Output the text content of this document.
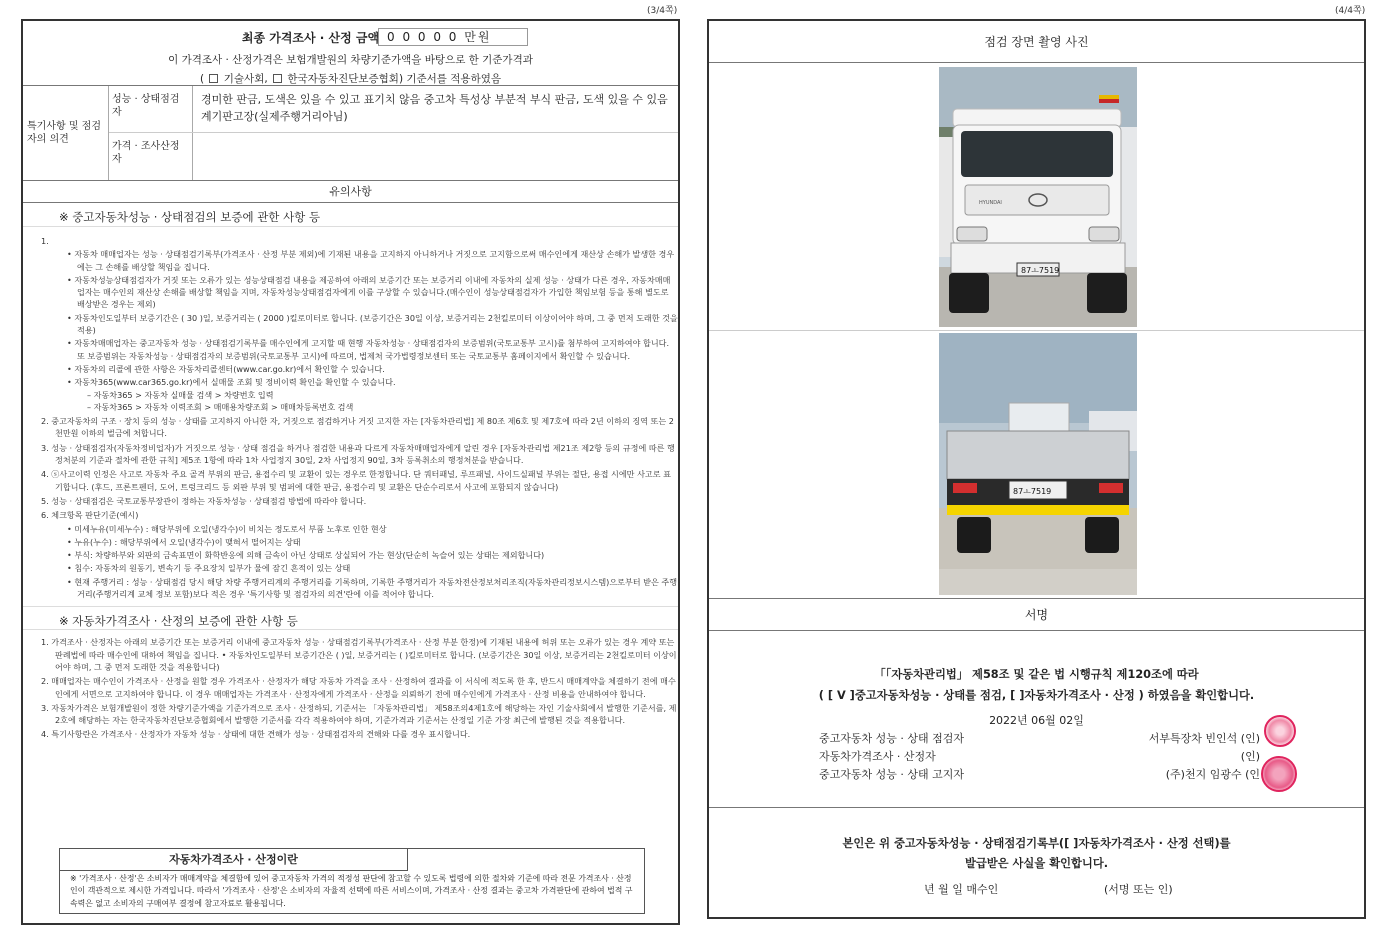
(3/4쪽)
최종 가격조사 · 산정 금액 0 0 0 0 0 만원
이 가격조사 · 산정가격은 보험개발원의 차량기준가액을 바탕으로 한 기준가격과
( 기술사회, 한국자동차진단보증협회) 기준서를 적용하였음
특기사항 및 점검자의 의견
성능 · 상태점검자
경미한 판금, 도색은 있을 수 있고 표기치 않음 중고차 특성상 부분적 부식 판금, 도색 있을 수 있음 계기판고장(실제주행거리아님)
가격 · 조사산정자
유의사항
※ 중고자동차성능 · 상태점검의 보증에 관한 사항 등
1.
• 자동차 매매업자는 성능 · 상태점검기록부(가격조사 · 산정 부분 제외)에 기재된 내용을 고지하지 아니하거나 거짓으로 고지함으로써 매수인에게 재산상 손해가 발생한 경우에는 그 손해를 배상할 책임을 집니다.
• 자동차성능상태점검자가 거짓 또는 오류가 있는 성능상태점검 내용을 제공하여 아래의 보증기간 또는 보증거리 이내에 자동차의 실제 성능 · 상태가 다른 경우, 자동차매매업자는 매수인의 재산상 손해를 배상할 책임을 지며, 자동차성능상태점검자에게 이를 구상할 수 있습니다.(매수인이 성능상태점검자가 가입한 책임보험 등을 통해 별도로 배상받은 경우는 제외)
• 자동차인도일부터 보증기간은 ( 30 )일, 보증거리는 ( 2000 )킬로미터로 합니다. (보증기간은 30일 이상, 보증거리는 2천킬로미터 이상이어야 하며, 그 중 먼저 도래한 것을 적용)
• 자동차매매업자는 중고자동차 성능 · 상태점검기록부를 매수인에게 고지할 때 현행 자동차성능 · 상태점검자의 보증범위(국토교통부 고시)를 첨부하여 고지하여야 합니다. 또 보증범위는 자동차성능 · 상태점검자의 보증범위(국토교통부 고시)에 따르며, 법제처 국가법령정보센터 또는 국토교통부 홈페이지에서 확인할 수 있습니다.
• 자동차의 리콜에 관한 사항은 자동차리콜센터(www.car.go.kr)에서 확인할 수 있습니다.
• 자동차365(www.car365.go.kr)에서 실매물 조회 및 정비이력 확인을 확인할 수 있습니다.
– 자동차365 > 자동차 실매물 검색 > 차량번호 입력
– 자동차365 > 자동차 이력조회 > 매매용차량조회 > 매매차등록번호 검색
2. 중고자동차의 구조 · 장치 등의 성능 · 상태를 고지하지 아니한 자, 거짓으로 점검하거나 거짓 고지한 자는 [자동차관리법] 제 80조 제6호 및 제7호에 따라 2년 이하의 징역 또는 2천만원 이하의 벌금에 처합니다.
3. 성능 · 상태점검자(자동차정비업자)가 거짓으로 성능 · 상태 점검을 하거나 점검한 내용과 다르게 자동차매매업자에게 알린 경우 [자동차관리법 제21조 제2항 등의 규정에 따른 행정처분의 기준과 절차에 관한 규칙] 제5조 1항에 따라 1차 사업정지 30일, 2차 사업정지 90일, 3차 등록취소의 행정처분을 받습니다.
4. ⓢ사고이력 인정은 사고로 자동차 주요 골격 부위의 판금, 용접수리 및 교환이 있는 경우로 한정합니다. 단 쿼터패널, 루프패널, 사이드실패널 부위는 절단, 용접 시에만 사고로 표기합니다. (후드, 프론트펜더, 도어, 트렁크리드 등 외판 부위 및 범퍼에 대한 판금, 용접수리 및 교환은 단순수리로서 사고에 포함되지 않습니다)
5. 성능 · 상태점검은 국토교통부장관이 정하는 자동차성능 · 상태점검 방법에 따라야 합니다.
6. 체크항목 판단기준(예시)
• 미세누유(미세누수) : 해당부위에 오일(냉각수)이 비치는 정도로서 부품 노후로 인한 현상
• 누유(누수) : 해당부위에서 오일(냉각수)이 맺혀서 떨어지는 상태
• 부식: 차량하부와 외판의 금속표면이 화학반응에 의해 금속이 아닌 상태로 상실되어 가는 현상(단순히 녹슬어 있는 상태는 제외합니다)
• 침수: 자동차의 원동기, 변속기 등 주요장치 일부가 물에 잠긴 흔적이 있는 상태
• 현재 주행거리 : 성능 · 상태점검 당시 해당 차량 주행거리계의 주행거리를 기록하며, 기록한 주행거리가 자동차전산정보처리조직(자동차관리정보시스템)으로부터 받은 주행거리(주행거리계 교체 정보 포함)보다 적은 경우 '특기사항 및 점검자의 의견'란에 이를 적어야 합니다.
※ 자동차가격조사 · 산정의 보증에 관한 사항 등
1. 가격조사 · 산정자는 아래의 보증기간 또는 보증거리 이내에 중고자동차 성능 · 상태점검기록부(가격조사 · 산정 부분 한정)에 기재된 내용에 허위 또는 오류가 있는 경우 계약 또는 판례법에 따라 매수인에 대하여 책임을 집니다. • 자동차인도일부터 보증기간은 ( )일, 보증거리는 ( )킬로미터로 합니다. (보증기간은 30일 이상, 보증거리는 2천킬로미터 이상이어야 하며, 그 중 먼저 도래한 것을 적용합니다)
2. 매매업자는 매수인이 가격조사 · 산정을 원할 경우 가격조사 · 산정자가 해당 자동차 가격을 조사 · 산정하여 결과를 이 서식에 적도록 한 후, 반드시 매매계약을 체결하기 전에 매수인에게 서면으로 고지하여야 합니다. 이 경우 매매업자는 가격조사 · 산정자에게 가격조사 · 산정을 의뢰하기 전에 매수인에게 가격조사 · 산정 비용을 안내하여야 합니다.
3. 자동차가격은 보험개발원이 정한 차량기준가액을 기준가격으로 조사 · 산정하되, 기준서는 「자동차관리법」 제58조의4제1호에 해당하는 자인 기술사회에서 발행한 기준서를, 제2호에 해당하는 자는 한국자동차진단보증협회에서 발행한 기준서를 각각 적용하여야 하며, 기준가격과 기준서는 산정일 기준 가장 최근에 발행된 것을 적용합니다.
4. 특기사항란은 가격조사 · 산정자가 자동차 성능 · 상태에 대한 견해가 성능 · 상태점검자의 견해와 다를 경우 표시합니다.
자동차가격조사 · 산정이란
※ '가격조사 · 산정'은 소비자가 매매계약을 체결함에 있어 중고자동차 가격의 적정성 판단에 참고할 수 있도록 법령에 의한 절차와 기준에 따라 전문 가격조사 · 산정인이 객관적으로 제시한 가격입니다. 따라서 '가격조사 · 산정'은 소비자의 자율적 선택에 따른 서비스이며, 가격조사 · 산정 결과는 중고차 가격판단에 관하여 법적 구속력은 없고 소비자의 구매여부 결정에 참고자료로 활용됩니다.
(4/4쪽)
점검 장면 촬영 사진
HYUNDAI
87ㅗ7519
87ㅗ7519
서명
「「자동차관리법」 제58조 및 같은 법 시행규칙 제120조에 따라
( [ V ]중고자동차성능 · 상태를 점검, [ ]자동차가격조사 · 산정 ) 하였음을 확인합니다.
2022년 06월 02일
중고자동차 성능 · 상태 점검자	서부특장차 빈인석 (인)
자동차가격조사 · 산정자	(인)
중고자동차 성능 · 상태 고지자	(주)천지 임광수 (인
본인은 위 중고자동차성능 · 상태점검기록부([ ]자동차가격조사 · 산정 선택)를
발급받은 사실을 확인합니다.
년 월 일 매수인	(서명 또는 인)
